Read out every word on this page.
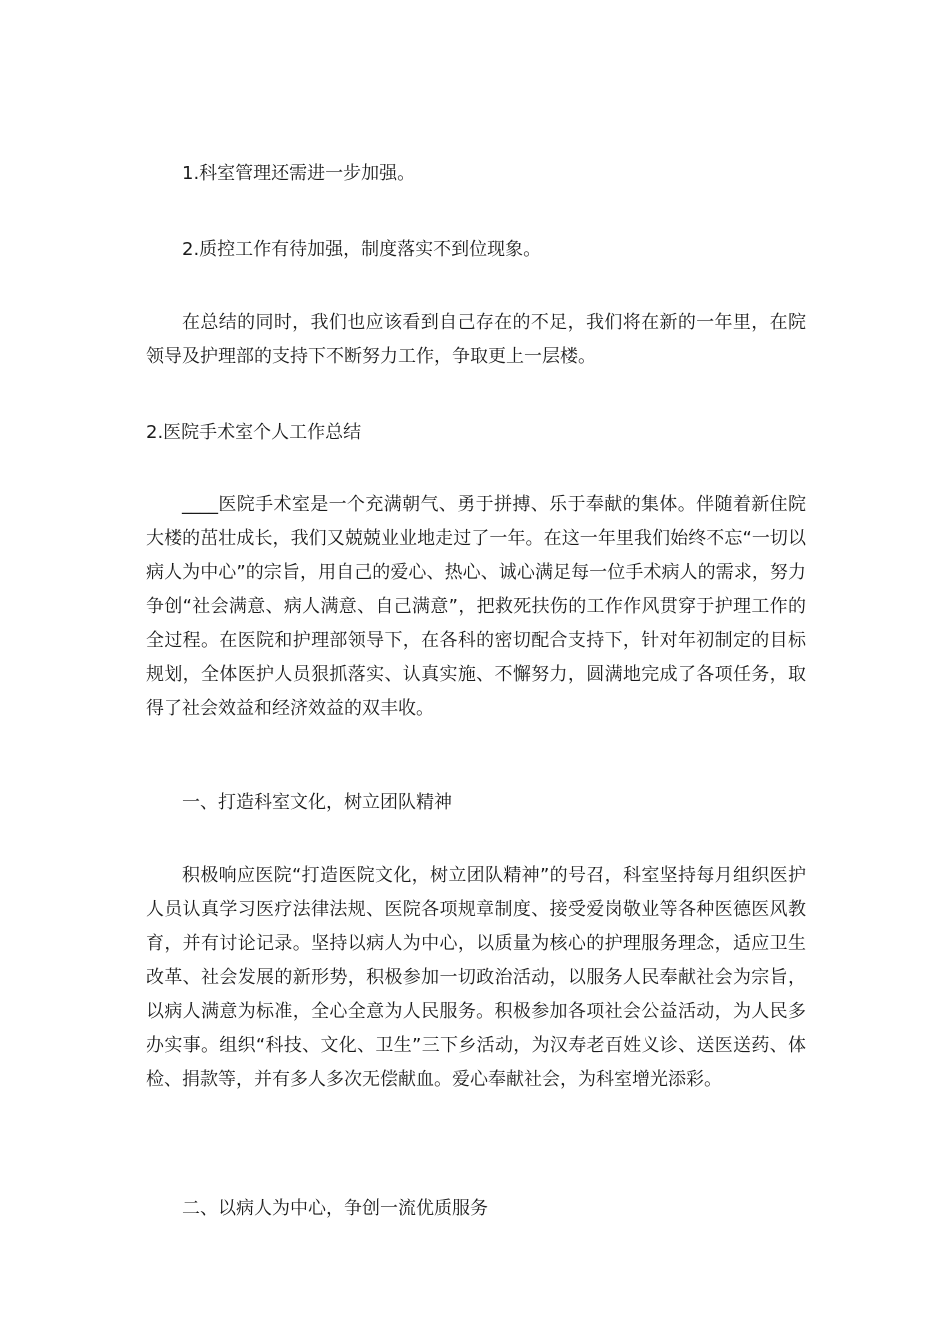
1.科室管理还需进一步加强。

2.质控工作有待加强，制度落实不到位现象。

在总结的同时，我们也应该看到自己存在的不足，我们将在新的一年里，在院领导及护理部的支持下不断努力工作，争取更上一层楼。

2.医院手术室个人工作总结

____医院手术室是一个充满朝气、勇于拼搏、乐于奉献的集体。伴随着新住院大楼的茁壮成长，我们又兢兢业业地走过了一年。在这一年里我们始终不忘“一切以病人为中心”的宗旨，用自己的爱心、热心、诚心满足每一位手术病人的需求，努力争创“社会满意、病人满意、自己满意”，把救死扶伤的工作作风贯穿于护理工作的全过程。在医院和护理部领导下，在各科的密切配合支持下，针对年初制定的目标规划，全体医护人员狠抓落实、认真实施、不懈努力，圆满地完成了各项任务，取得了社会效益和经济效益的双丰收。

一、打造科室文化，树立团队精神

积极响应医院“打造医院文化，树立团队精神”的号召，科室坚持每月组织医护人员认真学习医疗法律法规、医院各项规章制度、接受爱岗敬业等各种医德医风教育，并有讨论记录。坚持以病人为中心，以质量为核心的护理服务理念，适应卫生改革、社会发展的新形势，积极参加一切政治活动，以服务人民奉献社会为宗旨，以病人满意为标准，全心全意为人民服务。积极参加各项社会公益活动，为人民多办实事。组织“科技、文化、卫生”三下乡活动，为汉寿老百姓义诊、送医送药、体检、捐款等，并有多人多次无偿献血。爱心奉献社会，为科室增光添彩。

二、以病人为中心，争创一流优质服务
